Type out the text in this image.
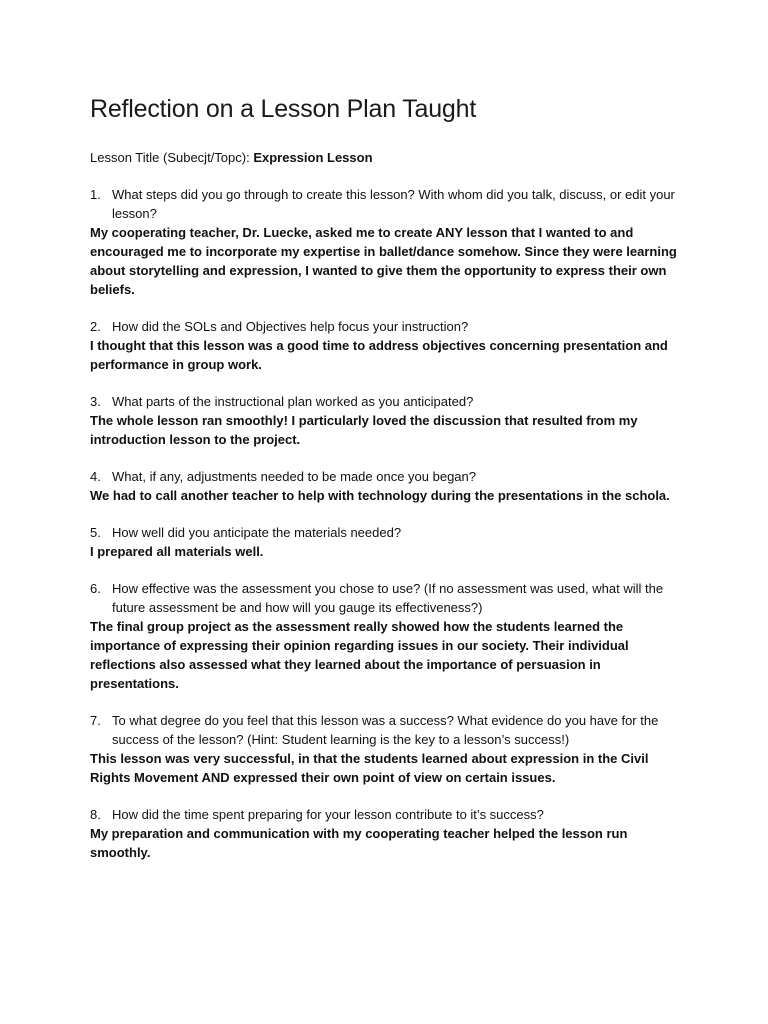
Reflection on a Lesson Plan Taught

Lesson Title (Subecjt/Topc): Expression Lesson

1. What steps did you go through to create this lesson? With whom did you talk, discuss, or edit your lesson?

My cooperating teacher, Dr. Luecke, asked me to create ANY lesson that I wanted to and encouraged me to incorporate my expertise in ballet/dance somehow. Since they were learning about storytelling and expression, I wanted to give them the opportunity to express their own beliefs.

2. How did the SOLs and Objectives help focus your instruction?

I thought that this lesson was a good time to address objectives concerning presentation and performance in group work.

3. What parts of the instructional plan worked as you anticipated?

The whole lesson ran smoothly! I particularly loved the discussion that resulted from my introduction lesson to the project.

4. What, if any, adjustments needed to be made once you began?

We had to call another teacher to help with technology during the presentations in the schola.

5. How well did you anticipate the materials needed?

I prepared all materials well.

6. How effective was the assessment you chose to use? (If no assessment was used, what will the future assessment be and how will you gauge its effectiveness?)

The final group project as the assessment really showed how the students learned the importance of expressing their opinion regarding issues in our society. Their individual reflections also assessed what they learned about the importance of persuasion in presentations.

7. To what degree do you feel that this lesson was a success? What evidence do you have for the success of the lesson? (Hint: Student learning is the key to a lesson’s success!)

This lesson was very successful, in that the students learned about expression in the Civil Rights Movement AND expressed their own point of view on certain issues.

8. How did the time spent preparing for your lesson contribute to it’s success?

My preparation and communication with my cooperating teacher helped the lesson run smoothly.
